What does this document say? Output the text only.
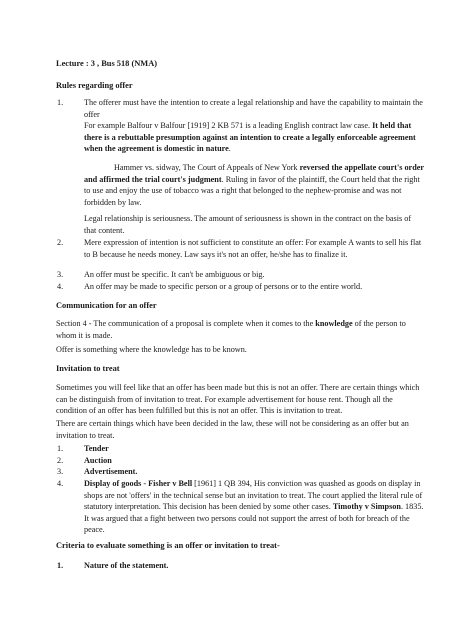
Lecture : 3 , Bus 518 (NMA)

Rules regarding offer

1.	The offerer must have the intention to create a legal relationship and have the capability to maintain the offer
For example Balfour v Balfour [1919] 2 KB 571 is a leading English contract law case. It held that there is a rebuttable presumption against an intention to create a legally enforceable agreement when the agreement is domestic in nature.

Hammer vs. sidway, The Court of Appeals of New York reversed the appellate court's order and affirmed the trial court's judgment. Ruling in favor of the plaintiff, the Court held that the right to use and enjoy the use of tobacco was a right that belonged to the nephew-promise and was not forbidden by law.

Legal relationship is seriousness. The amount of seriousness is shown in the contract on the basis of that content.

2.	Mere expression of intention is not sufficient to constitute an offer: For example A wants to sell his flat to B because he needs money. Law says it's not an offer, he/she has to finalize it.

3.	An offer must be specific. It can't be ambiguous or big.

4.	An offer may be made to specific person or a group of persons or to the entire world.

Communication for an offer

Section 4 - The communication of a proposal is complete when it comes to the knowledge of the person to whom it is made.

Offer is something where the knowledge has to be known.

Invitation to treat

Sometimes you will feel like that an offer has been made but this is not an offer. There are certain things which can be distinguish from of invitation to treat. For example advertisement for house rent. Though all the condition of an offer has been fulfilled but this is not an offer. This is invitation to treat.

There are certain things which have been decided in the law, these will not be considering as an offer but an invitation to treat.

1.	Tender
2.	Auction
3.	Advertisement.
4.	Display of goods - Fisher v Bell [1961] 1 QB 394, His conviction was quashed as goods on display in shops are not 'offers' in the technical sense but an invitation to treat. The court applied the literal rule of statutory interpretation. This decision has been denied by some other cases. Timothy v Simpson. 1835. It was argued that a fight between two persons could not support the arrest of both for breach of the peace.

Criteria to evaluate something is an offer or invitation to treat-

1.	Nature of the statement.
